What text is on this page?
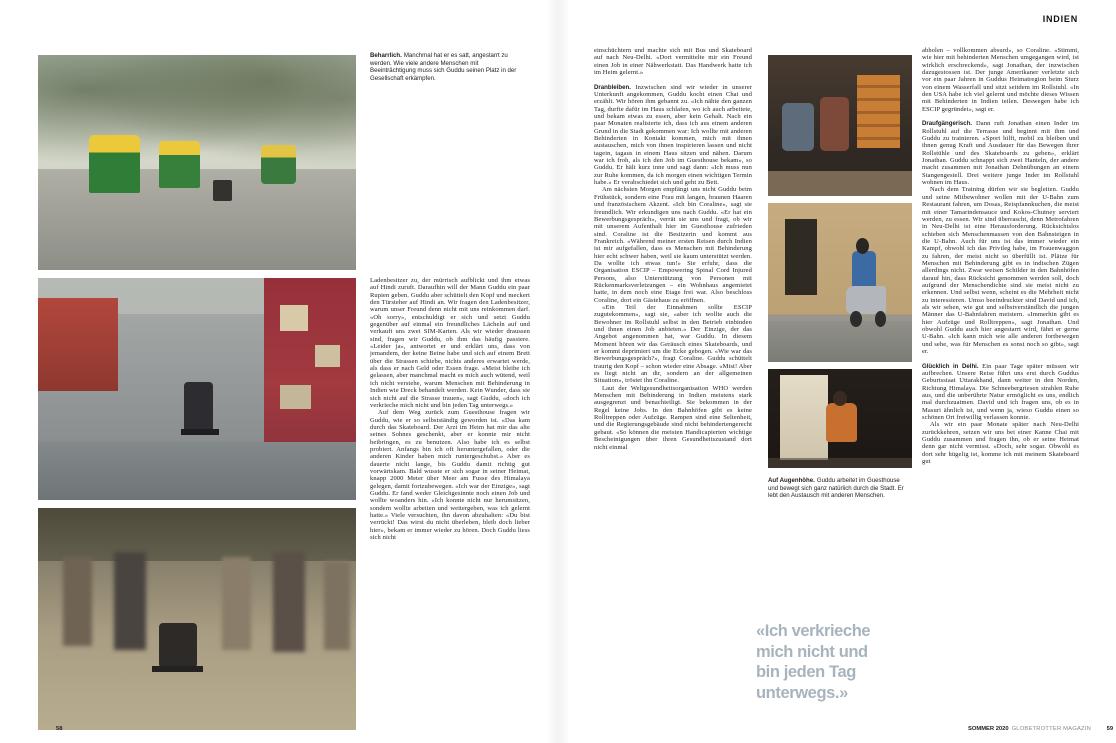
INDIEN
Beharrlich. Manchmal hat er es satt, angestarrt zu werden. Wie viele andere Menschen mit Beeinträchtigung muss sich Guddu seinen Platz in der Gesellschaft erkämpfen.

Ladenbesitzer zu, der mürrisch aufblickt und ihm etwas auf Hindi zuruft. Daraufhin will der Mann Guddu ein paar Rupien geben. Guddu aber schüttelt den Kopf und meckert den Türsteher auf Hindi an. Wir fragen den Ladenbesitzer, warum unser Freund denn nicht mit uns reinkommen darf. «Oh sorry», entschuldigt er sich und setzt Guddu gegenüber auf einmal ein freundliches Lächeln auf und verkauft uns zwei SIM-Karten. Als wir wieder draussen sind, fragen wir Guddu, ob ihm das häufig passiere. «Leider ja», antwortet er und erklärt uns, dass von jemandem, der keine Beine habe und sich auf einem Brett über die Strassen schiebe, nichts anderes erwartet werde, als dass er nach Geld oder Essen frage. «Meist bleibe ich gelassen, aber manchmal macht es mich auch wütend, weil ich nicht verstehe, warum Menschen mit Behinderung in Indien wie Dreck behandelt werden. Kein Wunder, dass sie sich nicht auf die Strasse trauen», sagt Guddu, «doch ich verkrieche mich nicht und bin jeden Tag unterwegs.»

Auf dem Weg zurück zum Guesthouse fragen wir Guddu, wie er so selbstständig geworden ist. «Das kam durch das Skateboard. Der Arzt im Heim hat mir das alte seines Sohnes geschenkt, aber er konnte mir nicht beibringen, es zu benutzen. Also habe ich es selbst probiert. Anfangs bin ich oft heruntergefallen, oder die anderen Kinder haben mich runtergeschubst.» Aber es dauerte nicht lange, bis Guddu damit richtig gut vorwärtskam. Bald wusste er sich sogar in seiner Heimat, knapp 2000 Meter über Meer am Fusse des Himalaya gelegen, damit fortzubewegen. «Ich war der Einzige», sagt Guddu. Er fand weder Gleichgesinnte noch einen Job und wollte woanders hin. «Ich konnte nicht nur herumsitzen, sondern wollte arbeiten und weitergeben, was ich gelernt hatte.» Viele versuchten, ihn davon abzuhalten: «Du bist verrückt! Das wirst du nicht überleben, bleib doch lieber hier», bekam er immer wieder zu hören. Doch Guddu liess sich nicht

einschüchtern und machte sich mit Bus und Skateboard auf nach Neu-Delhi. «Dort vermittelte mir ein Freund einen Job in einer Nähwerkstatt. Das Handwerk hatte ich im Heim gelernt.»

Dranbleiben. Inzwischen sind wir wieder in unserer Unterkunft angekommen, Guddu kocht einen Chai und erzählt. Wir hören ihm gebannt zu. «Ich nähte den ganzen Tag, durfte dafür im Haus schlafen, wo ich auch arbeitete, und bekam etwas zu essen, aber kein Gehalt. Nach ein paar Monaten realisierte ich, dass ich aus einem anderen Grund in die Stadt gekommen war: Ich wollte mit anderen Behinderten in Kontakt kommen, mich mit ihnen austauschen, mich von ihnen inspirieren lassen und nicht tagein, tagaus in einem Haus sitzen und nähen. Darum war ich froh, als ich den Job im Guesthouse bekam», so Guddu. Er hält kurz inne und sagt dann: «Ich muss nun zur Ruhe kommen, da ich morgen einen wichtigen Termin habe.» Er verabschiedet sich und geht zu Bett.

Am nächsten Morgen empfängt uns nicht Guddu beim Frühstück, sondern eine Frau mit langen, braunen Haaren und französischem Akzent. «Ich bin Coraline», sagt sie freundlich. Wir erkundigen uns nach Guddu. «Er hat ein Bewerbungsgespräch», verrät sie uns und fragt, ob wir mit unserem Aufenthalt hier im Guesthouse zufrieden sind. Coraline ist die Besitzerin und kommt aus Frankreich. «Während meiner ersten Reisen durch Indien ist mir aufgefallen, dass es Menschen mit Behinderung hier echt schwer haben, weil sie kaum unterstützt werden. Da wollte ich etwas tun!» Sie erfuhr, dass die Organisation ESCIP – Empowering Spinal Cord Injured Persons, also Unterstützung von Personen mit Rückenmarksverletzungen – ein Wohnhaus angemietet hatte, in dem noch eine Etage frei war. Also beschloss Coraline, dort ein Gästehaus zu eröffnen.

«Ein Teil der Einnahmen sollte ESCIP zugutekommen», sagt sie, «aber ich wollte auch die Bewohner im Rollstuhl selbst in den Betrieb einbinden und ihnen einen Job anbieten.» Der Einzige, der das Angebot angenommen hat, war Guddu. In diesem Moment hören wir das Geräusch eines Skateboards, und er kommt deprimiert um die Ecke gebogen. «Wie war das Bewerbungsgespräch?», fragt Coraline. Guddu schüttelt traurig den Kopf – schon wieder eine Absage. «Mist! Aber es liegt nicht an dir, sondern an der allgemeinen Situation», tröstet ihn Coraline.

Laut der Weltgesundheitsorganisation WHO werden Menschen mit Behinderung in Indien meistens stark ausgegrenzt und benachteiligt. Sie bekommen in der Regel keine Jobs. In den Bahnhöfen gibt es keine Rolltreppen oder Aufzüge. Rampen sind eine Seltenheit, und die Regierungsgebäude sind nicht behindertengerecht gebaut. «So können die meisten Handicapierten wichtige Bescheinigungen über ihren Gesundheitszustand dort nicht einmal

Auf Augenhöhe. Guddu arbeitet im Guesthouse und bewegt sich ganz natürlich durch die Stadt. Er lebt den Austausch mit anderen Menschen.
«Ich verkrieche mich nicht und bin jeden Tag unterwegs.»

abholen – vollkommen absurd», so Coraline. «Stimmt, wie hier mit behinderten Menschen umgegangen wird, ist wirklich erschreckend», sagt Jonathan, der inzwischen dazugestossen ist. Der junge Amerikaner verletzte sich vor ein paar Jahren in Guddus Heimatregion beim Sturz von einem Wasserfall und sitzt seitdem im Rollstuhl. «In den USA habe ich viel gelernt und möchte dieses Wissen mit Behinderten in Indien teilen. Deswegen habe ich ESCIP gegründet», sagt er.

Draufgängerisch. Dann ruft Jonathan einen Inder im Rollstuhl auf die Terrasse und beginnt mit ihm und Guddu zu trainieren. «Sport hilft, mobil zu bleiben und ihnen genug Kraft und Ausdauer für das Bewegen ihrer Rollstühle und des Skateboards zu geben», erklärt Jonathan. Guddu schnappt sich zwei Hanteln, der andere macht zusammen mit Jonathan Dehnübungen an einem Stangengestell. Drei weitere junge Inder im Rollstuhl wohnen im Haus.

Nach dem Training dürfen wir sie begleiten. Guddu und seine Mitbewohner wollen mit der U-Bahn zum Restaurant fahren, um Dosas, Reispfannkuchen, die meist mit einer Tamarindensauce und Kokos-Chutney serviert werden, zu essen. Wir sind überrascht, denn Metrofahren in Neu-Delhi ist eine Herausforderung. Rücksichtslos schieben sich Menschenmassen von den Bahnsteigen in die U-Bahn. Auch für uns ist das immer wieder ein Kampf, obwohl ich das Privileg habe, im Frauenwaggon zu fahren, der meist nicht so überfüllt ist. Plätze für Menschen mit Behinderung gibt es in indischen Zügen allerdings nicht. Zwar weisen Schilder in den Bahnhöfen darauf hin, dass Rücksicht genommen werden soll, doch aufgrund der Menschendichte sind sie meist nicht zu erkennen. Und selbst wenn, scheint es die Mehrheit nicht zu interessieren. Umso beeindruckter sind David und ich, als wir sehen, wie gut und selbstverständlich die jungen Männer das U-Bahnfahren meistern. «Immerhin gibt es hier Aufzüge und Rolltreppen», sagt Jonathan. Und obwohl Guddu auch hier angestarrt wird, fährt er gerne U-Bahn. «Ich kann mich wie alle anderen fortbewegen und sehe, was für Menschen es sonst noch so gibt», sagt er.

Glücklich in Delhi. Ein paar Tage später müssen wir aufbrechen. Unsere Reise führt uns erst durch Guddus Geburtsstaat Uttarakhand, dann weiter in den Norden, Richtung Himalaya. Die Schneebergriesen strahlen Ruhe aus, und die unberührte Natur ermöglicht es uns, endlich mal durchzuatmen. David und ich fragen uns, ob es in Masuri ähnlich ist, und wenn ja, wieso Guddu einen so schönen Ort freiwillig verlassen konnte.

Als wir ein paar Monate später nach Neu-Delhi zurückkehren, setzen wir uns bei einer Kanne Chai mit Guddu zusammen und fragen ihn, ob er seine Heimat denn gar nicht vermisst. «Doch, sehr sogar. Obwohl es dort sehr hügelig ist, komme ich mit meinem Skateboard gut

58	SOMMER 2020 GLOBETROTTER MAGAZIN	59
